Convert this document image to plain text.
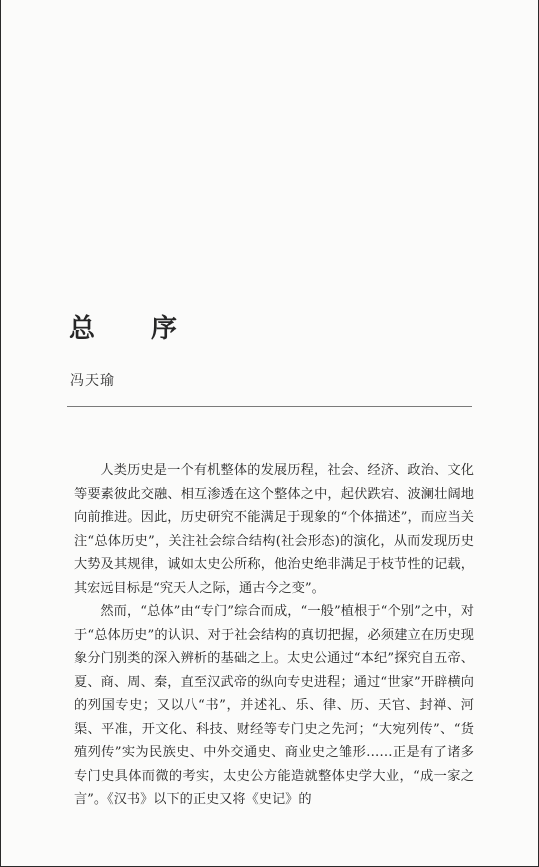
总	序
冯天瑜

人类历史是一个有机整体的发展历程，社会、经济、政治、文化等要素彼此交融、相互渗透在这个整体之中，起伏跌宕、波澜壮阔地向前推进。因此，历史研究不能满足于现象的“个体描述”，而应当关注“总体历史”，关注社会综合结构(社会形态)的演化，从而发现历史大势及其规律，诚如太史公所称，他治史绝非满足于枝节性的记载，其宏远目标是“究天人之际，通古今之变”。

然而，“总体”由“专门”综合而成，“一般”植根于“个别”之中，对于“总体历史”的认识、对于社会结构的真切把握，必须建立在历史现象分门别类的深入辨析的基础之上。太史公通过“本纪”探究自五帝、夏、商、周、秦，直至汉武帝的纵向专史进程；通过“世家”开辟横向的列国专史；又以八“书”，并述礼、乐、律、历、天官、封禅、河渠、平准，开文化、科技、财经等专门史之先河；“大宛列传”、“货殖列传”实为民族史、中外交通史、商业史之雏形……正是有了诸多专门史具体而微的考实，太史公方能造就整体史学大业，“成一家之言”。《汉书》以下的正史又将《史记》的
